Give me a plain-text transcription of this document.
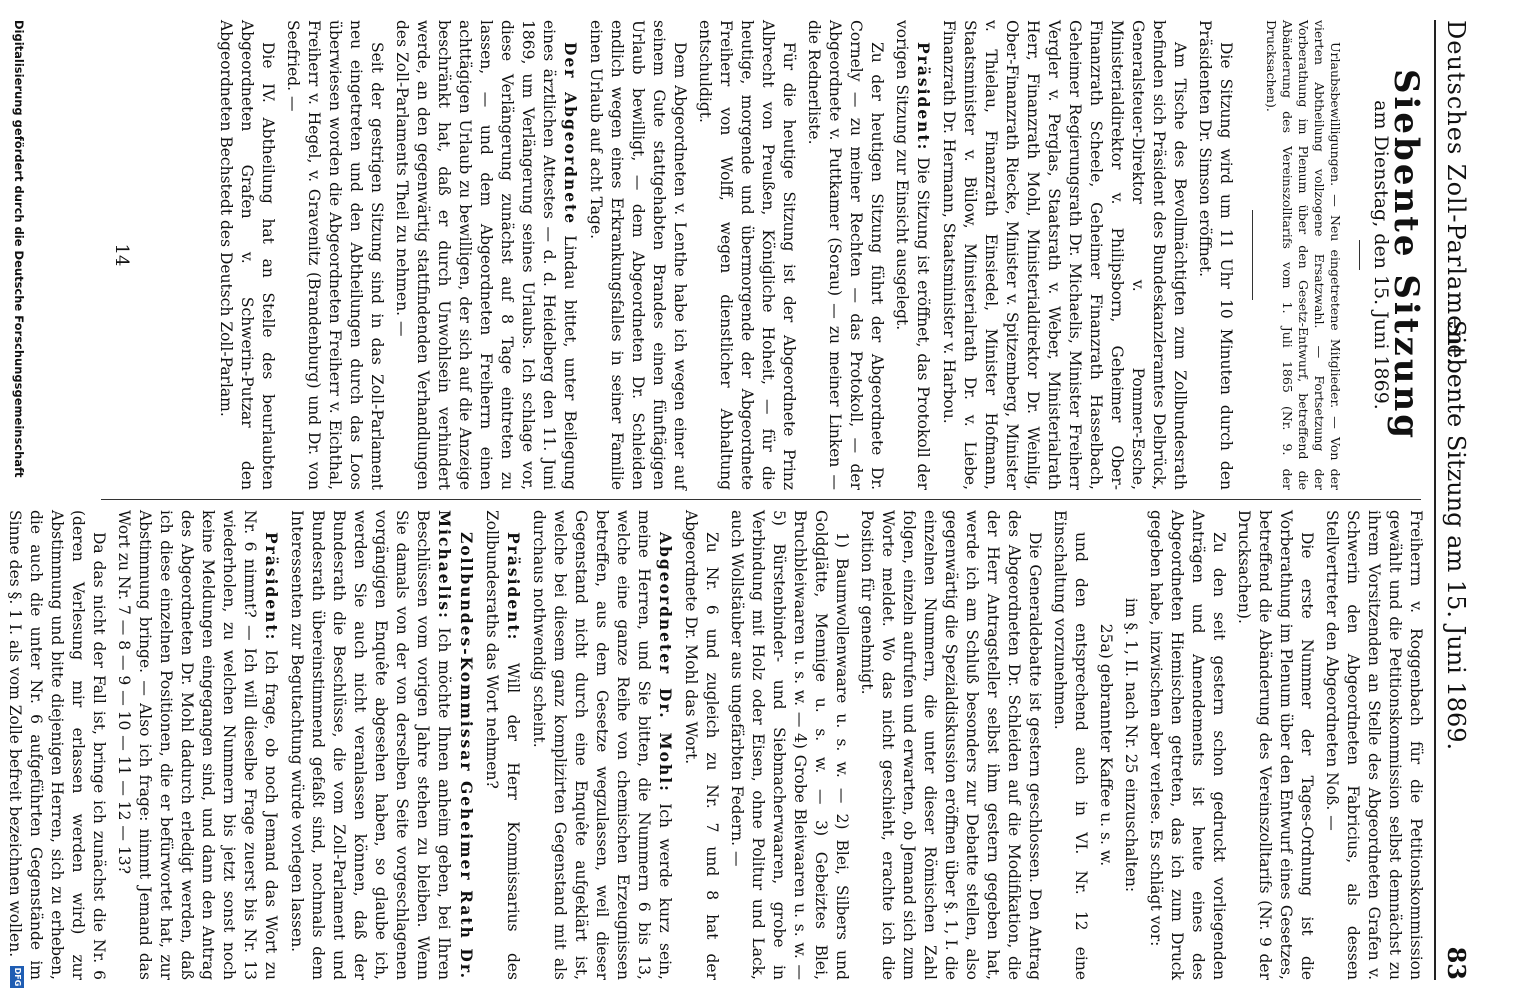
Deutsches Zoll-Parlament.
Siebente Sitzung am 15. Juni 1869.
83
Siebente Sitzung
am Dienstag, den 15. Juni 1869.

Urlaubsbewilligungen. — Neu eingetretene Mitglieder. — Von der vierten Abtheilung vollzogene Ersatzwahl. — Fortsetzung der Vorberathung im Plenum über den Gesetz-Entwurf, betreffend die Abänderung des Vereinszolltarifs vom 1. Juli 1865 (Nr. 9. der Drucksachen).

Die Sitzung wird um 11 Uhr 10 Minuten durch den Präsidenten Dr. Simson eröffnet.

Am Tische des Bevollmächtigten zum Zollbundesrath befinden sich Präsident des Bundeskanzleramtes Delbrück, Generalsteuer-Direktor v. Pommer-Esche, Ministerialdirektor v. Philipsborn, Geheimer Ober-Finanzrath Scheele, Geheimer Finanzrath Hasselbach, Geheimer Regierungsrath Dr. Michaelis, Minister Freiherr Vergler v. Perglas, Staatsrath v. Weber, Ministerialrath Herr, Finanzrath Mohl, Ministerialdirektor Dr. Weinlig, Ober-Finanzrath Riecke, Minister v. Spitzemberg, Minister v. Thielau, Finanzrath Einsiedel, Minister Hofmann, Staatsminister v. Bülow, Ministerialrath Dr. v. Liebe, Finanzrath Dr. Hermann, Staatsminister v. Harbou.

Präsident: Die Sitzung ist eröffnet, das Protokoll der vorigen Sitzung zur Einsicht ausgelegt.

Zu der heutigen Sitzung führt der Abgeordnete Dr. Cornely — zu meiner Rechten — das Protokoll, — der Abgeordnete v. Puttkamer (Sorau) — zu meiner Linken — die Rednerliste.

Für die heutige Sitzung ist der Abgeordnete Prinz Albrecht von Preußen, Königliche Hoheit, — für die heutige, morgende und übermorgende der Abgeordnete Freiherr von Wolff, wegen dienstlicher Abhaltung entschuldigt.

Dem Abgeordneten v. Lenthe habe ich wegen einer auf seinem Gute stattgehabten Brandes einen fünftägigen Urlaub bewilligt, — dem Abgeordneten Dr. Schleiden endlich wegen eines Erkrankungsfalles in seiner Familie einen Urlaub auf acht Tage.

Der Abgeordnete Lindau bittet, unter Beilegung eines ärztlichen Attestes — d. d. Heidelberg den 11. Juni 1869, um Verlängerung seines Urlaubs. Ich schlage vor, diese Verlängerung zunächst auf 8 Tage eintreten zu lassen, — und dem Abgeordneten Freiherrn einen achttägigen Urlaub zu bewilligen, der sich auf die Anzeige beschränkt hat, daß er durch Unwohlsein verhindert werde, an den gegenwärtig stattfindenden Verhandlungen des Zoll-Parlaments Theil zu nehmen. —

Seit der gestrigen Sitzung sind in das Zoll-Parlament neu eingetreten und den Abtheilungen durch das Loos überwiesen worden die Abgeordneten Freiherr v. Eichthal, Freiherr v. Hegel, v. Gravenitz (Brandenburg) und Dr. von Seefried. —

Die IV. Abtheilung hat an Stelle des beurlaubten Abgeordneten Grafen v. Schwerin-Putzar den Abgeordneten Bechstedt des Deutsch Zoll-Parlam.

14

Freiherrn v. Roggenbach für die Petitionskommission gewählt und die Petitionskommission selbst demnächst zu ihrem Vorsitzenden an Stelle des Abgeordneten Grafen v. Schwerin den Abgeordneten Fabricius, als dessen Stellvertreter den Abgeordneten Noß. —

Die erste Nummer der Tages-Ordnung ist die Vorberathung im Plenum über den Entwurf eines Gesetzes, betreffend die Abänderung des Vereinszolltarifs (Nr. 9 der Drucksachen).

Zu den seit gestern schon gedruckt vorliegenden Anträgen und Amendements ist heute eines des Abgeordneten Hiemischen getreten, das ich zum Druck gegeben habe, inzwischen aber verlese. Es schlägt vor:

im §. 1, II. nach Nr. 25 einzuschalten:

25a) gebrannter Kaffee u. s. w.

und den entsprechend auch in VI. Nr. 12 eine Einschaltung vorzunehmen.

Die Generaldebatte ist gestern geschlossen. Den Antrag des Abgeordneten Dr. Schleiden auf die Modifikation, die der Herr Antragsteller selbst ihm gestern gegeben hat, werde ich am Schluß besonders zur Debatte stellen, also gegenwärtig die Spezialdiskussion eröffnen über §. 1, I. die einzelnen Nummern, die unter dieser Römischen Zahl folgen, einzeln aufrufen und erwarten, ob Jemand sich zum Worte meldet. Wo das nicht geschieht, erachte ich die Position für genehmigt.

1) Baumwollenwaare u. s. w. — 2) Blei, Silbers und Goldglätte, Mennige u. s. w. — 3) Gebeiztes Blei, Bruchbleiwaaren u. s. w. — 4) Grobe Bleiwaaren u. s. w. — 5) Bürstenbinder- und Siebmacherwaaren, grobe in Verbindung mit Holz oder Eisen, ohne Politur und Lack, auch Wollstäuber aus ungefärbten Federn. —

Zu Nr. 6 und zugleich zu Nr. 7 und 8 hat der Abgeordnete Dr. Mohl das Wort.

Abgeordneter Dr. Mohl: Ich werde kurz sein, meine Herren, und Sie bitten, die Nummern 6 bis 13, welche eine ganze Reihe von chemischen Erzeugnissen betreffen, aus dem Gesetze wegzulassen, weil dieser Gegenstand nicht durch eine Enquête aufgeklärt ist, welche bei diesem ganz komplizirten Gegenstand mit als durchaus nothwendig scheint.

Präsident: Will der Herr Kommissarius des Zollbundesraths das Wort nehmen?

Zollbundes-Kommissar Geheimer Rath Dr. Michaelis: Ich möchte Ihnen anheim geben, bei Ihren Beschlüssen vom vorigen Jahre stehen zu bleiben. Wenn Sie damals von der von derselben Seite vorgeschlagenen vorgängigen Enquête abgesehen haben, so glaube ich, werden Sie auch nicht veranlassen können, daß der Bundesrath die Beschlüsse, die vom Zoll-Parlament und Bundesrath übereinstimmend gefaßt sind, nochmals dem Interessenten zur Begutachtung würde vorlegen lassen.

Präsident: Ich frage, ob noch Jemand das Wort zu Nr. 6 nimmt? — Ich will dieselbe Frage zuerst bis Nr. 13 wiederholen, zu welchen Nummern bis jetzt sonst noch keine Meldungen eingegangen sind, und dann den Antrag des Abgeordneten Dr. Mohl dadurch erledigt werden, daß ich diese einzelnen Positionen, die er befürwortet hat, zur Abstimmung bringe. — Also ich frage: nimmt Jemand das Wort zu Nr. 7 — 8 — 9 — 10 — 11 — 12 — 13?

Da das nicht der Fall ist, bringe ich zunächst die Nr. 6 (deren Verlesung mir erlassen werden wird) zur Abstimmung und bitte diejenigen Herren, sich zu erheben, die auch die unter Nr. 6 aufgeführten Gegenstände im Sinne des §. 1 I. als vom Zolle befreit bezeichnen wollen.

Digitalisierung gefördert durch die Deutsche Forschungsgemeinschaft
DFG
